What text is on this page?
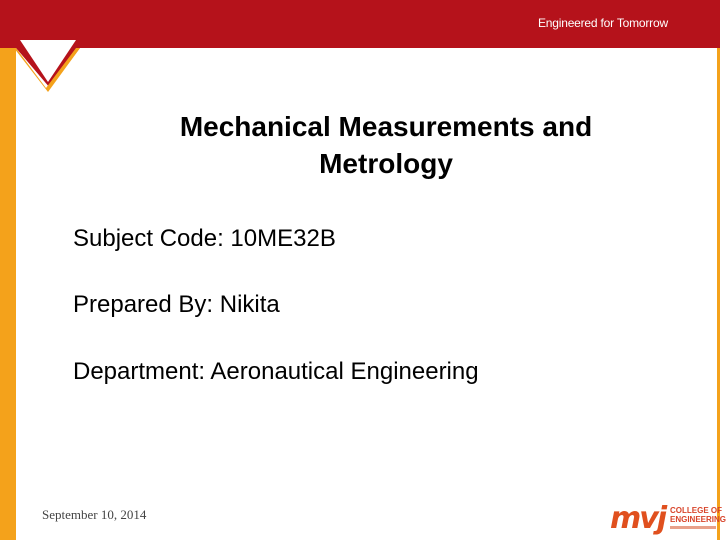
Engineered for Tomorrow
Mechanical Measurements and Metrology
Subject Code: 10ME32B
Prepared By: Nikita
Department: Aeronautical Engineering
September 10, 2014	mvj COLLEGE OF
ENGINEERING
